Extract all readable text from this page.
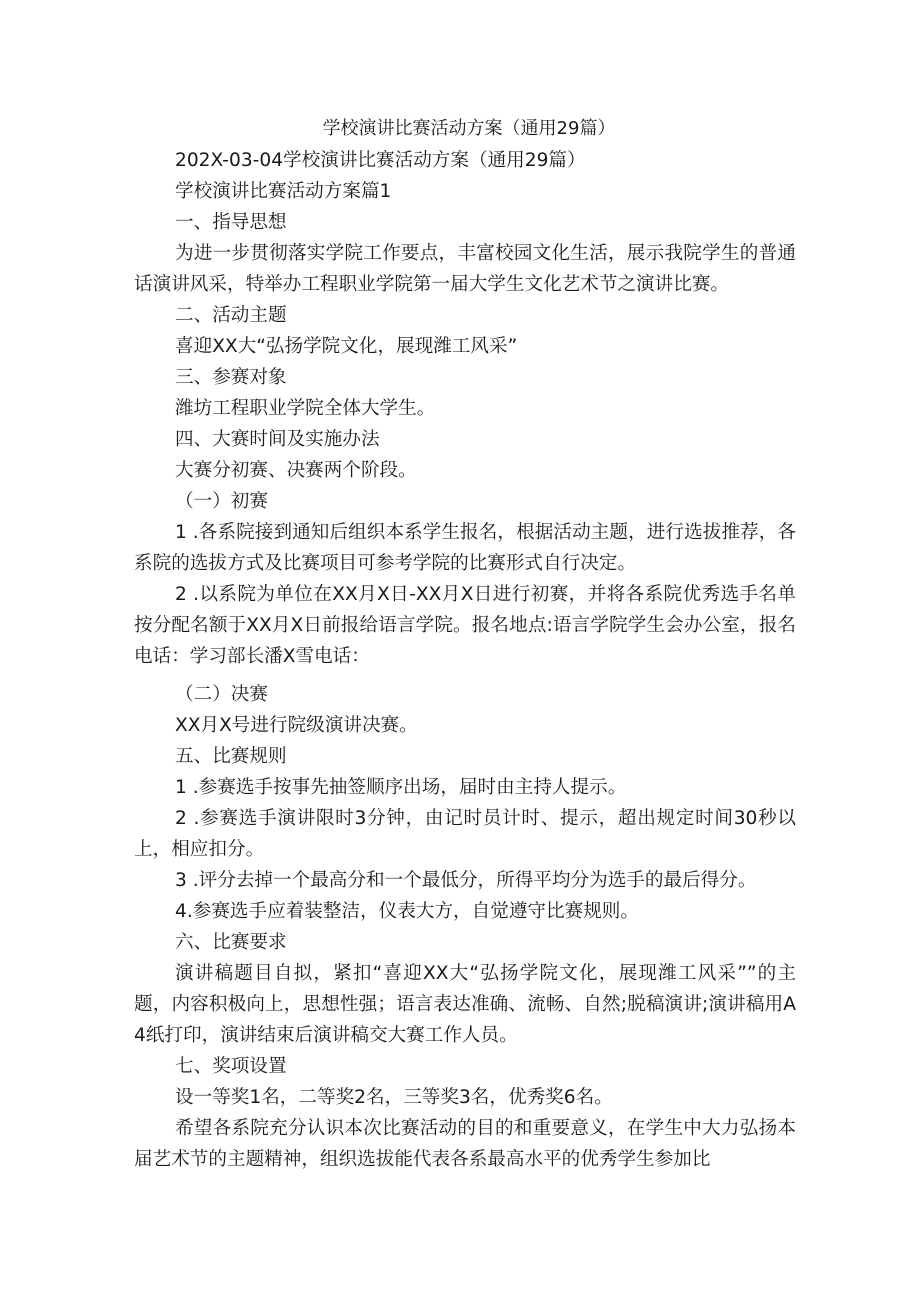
学校演讲比赛活动方案（通用29篇）

202X-03-04学校演讲比赛活动方案（通用29篇）

学校演讲比赛活动方案篇1

一、指导思想

为进一步贯彻落实学院工作要点，丰富校园文化生活，展示我院学生的普通话演讲风采，特举办工程职业学院第一届大学生文化艺术节之演讲比赛。

二、活动主题

喜迎XX大“弘扬学院文化，展现潍工风采”

三、参赛对象

潍坊工程职业学院全体大学生。

四、大赛时间及实施办法

大赛分初赛、决赛两个阶段。

（一）初赛

1 .各系院接到通知后组织本系学生报名，根据活动主题，进行选拔推荐，各系院的选拔方式及比赛项目可参考学院的比赛形式自行决定。

2 .以系院为单位在XX月X日-XX月X日进行初赛，并将各系院优秀选手名单按分配名额于XX月X日前报给语言学院。报名地点:语言学院学生会办公室，报名电话：学习部长潘X雪电话：

（二）决赛

XX月X号进行院级演讲决赛。

五、比赛规则

1 .参赛选手按事先抽签顺序出场，届时由主持人提示。

2 .参赛选手演讲限时3分钟，由记时员计时、提示，超出规定时间30秒以上，相应扣分。

3 .评分去掉一个最高分和一个最低分，所得平均分为选手的最后得分。

4.参赛选手应着装整洁，仪表大方，自觉遵守比赛规则。

六、比赛要求

演讲稿题目自拟，紧扣“喜迎XX大“弘扬学院文化，展现潍工风采””的主题，内容积极向上，思想性强；语言表达准确、流畅、自然;脱稿演讲;演讲稿用A4纸打印，演讲结束后演讲稿交大赛工作人员。

七、奖项设置

设一等奖1名，二等奖2名，三等奖3名，优秀奖6名。

希望各系院充分认识本次比赛活动的目的和重要意义，在学生中大力弘扬本届艺术节的主题精神，组织选拔能代表各系最高水平的优秀学生参加比
